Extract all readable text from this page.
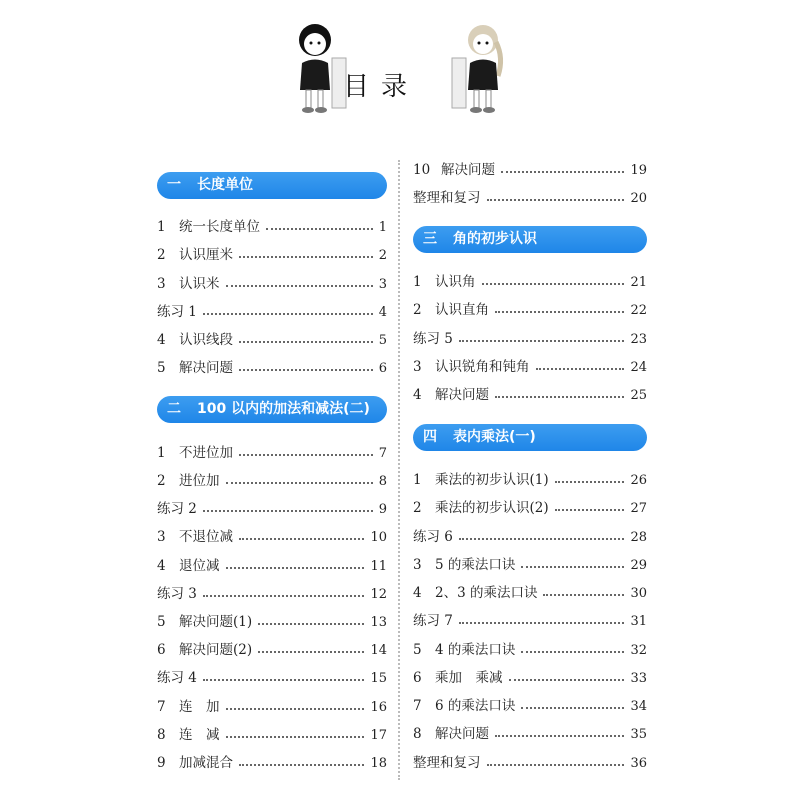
目录
一 长度单位
1 统一长度单位	1
2 认识厘米	2
3 认识米	3
练习 1	4
4 认识线段	5
5 解决问题	6
二 100 以内的加法和减法(二)
1 不进位加	7
2 进位加	8
练习 2	9
3 不退位减	10
4 退位减	11
练习 3	12
5 解决问题(1)	13
6 解决问题(2)	14
练习 4	15
7 连　加	16
8 连　减	17
9 加减混合	18
10 解决问题	19
整理和复习	20
三 角的初步认识
1 认识角	21
2 认识直角	22
练习 5	23
3 认识锐角和钝角	24
4 解决问题	25
四 表内乘法(一)
1 乘法的初步认识(1)	26
2 乘法的初步认识(2)	27
练习 6	28
3 5 的乘法口诀	29
4 2、3 的乘法口诀	30
练习 7	31
5 4 的乘法口诀	32
6 乘加　乘减	33
7 6 的乘法口诀	34
8 解决问题	35
整理和复习	36
